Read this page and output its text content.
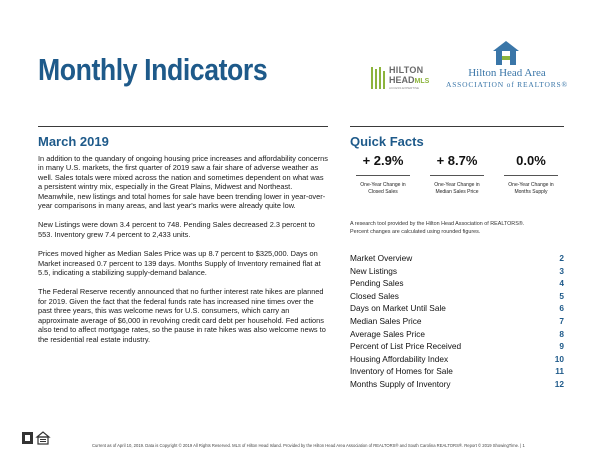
Monthly Indicators	HILTON
HEADMLS
ACCESS EXPERTISE
Hilton Head Area
ASSOCIATION of REALTORS®
March 2019	Quick Facts

In addition to the quandary of ongoing housing price increases and affordability concerns in many U.S. markets, the first quarter of 2019 saw a fair share of adverse weather as well. Sales totals were mixed across the nation and sometimes dependent on what was a persistent wintry mix, especially in the Great Plains, Midwest and Northeast. Meanwhile, new listings and total homes for sale have been trending lower in year-over-year comparisons in many areas, and last year's marks were already quite low.

New Listings were down 3.4 percent to 748. Pending Sales decreased 2.3 percent to 553. Inventory grew 7.4 percent to 2,433 units.

Prices moved higher as Median Sales Price was up 8.7 percent to $325,000. Days on Market increased 0.7 percent to 139 days. Months Supply of Inventory remained flat at 5.5, indicating a stabilizing supply-demand balance.

The Federal Reserve recently announced that no further interest rate hikes are planned for 2019. Given the fact that the federal funds rate has increased nine times over the past three years, this was welcome news for U.S. consumers, which carry an approximate average of $6,000 in revolving credit card debt per household. Fed actions also tend to affect mortgage rates, so the pause in rate hikes was also welcome news to the residential real estate industry.

+ 2.9%
One-Year Change in
Closed Sales
+ 8.7%
One-Year Change in
Median Sales Price
0.0%
One-Year Change in
Months Supply
A research tool provided by the Hilton Head Association of REALTORS®.
Percent changes are calculated using rounded figures.
Market Overview	2
New Listings	3
Pending Sales	4
Closed Sales	5
Days on Market Until Sale	6
Median Sales Price	7
Average Sales Price	8
Percent of List Price Received	9
Housing Affordability Index	10
Inventory of Homes for Sale	11
Months Supply of Inventory	12
Current as of April 10, 2019. Data is Copyright © 2019 All Rights Reserved. MLS of Hilton Head Island. Provided by the Hilton Head Area Association of REALTORS® and South Carolina REALTORS®. Report © 2019 ShowingTime. | 1
